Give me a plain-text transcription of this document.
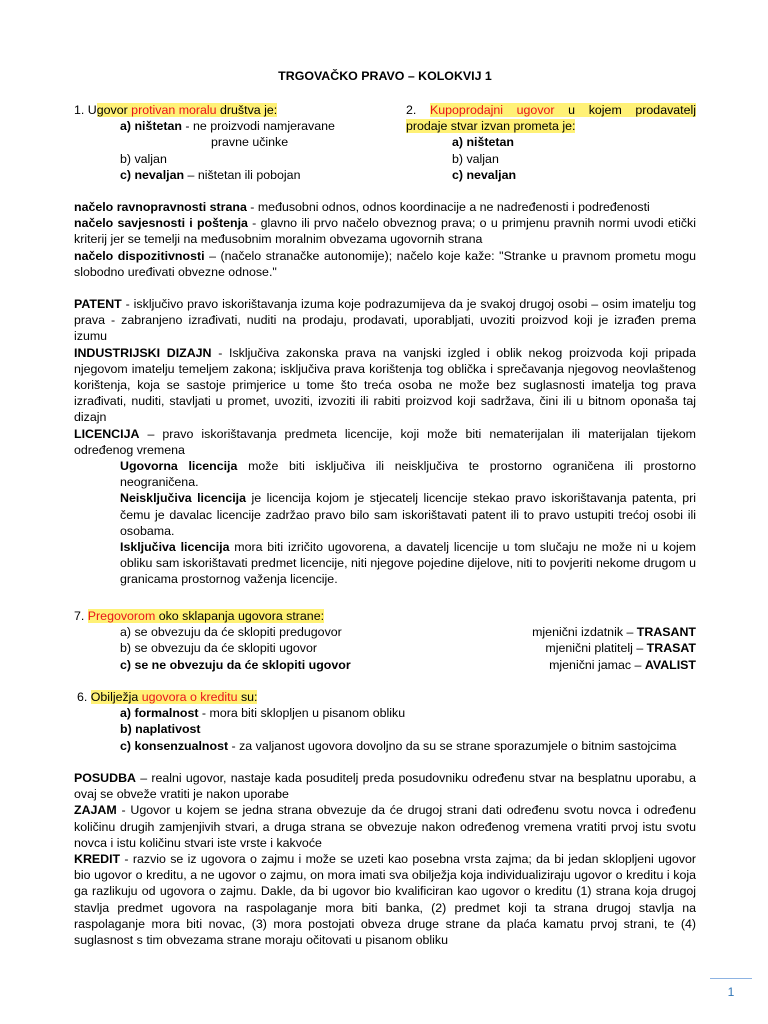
TRGOVAČKO PRAVO – KOLOKVIJ 1
1. Ugovor protivan moralu društva je:
a) ništetan - ne proizvodi namjeravane
pravne učinke
b) valjan
c) nevaljan – ništetan ili pobojan
2. Kupoprodajni ugovor u kojem prodavatelj
prodaje stvar izvan prometa je:
a) ništetan
b) valjan
c) nevaljan
načelo ravnopravnosti strana - međusobni odnos, odnos koordinacije a ne nadređenosti i podređenosti
načelo savjesnosti i poštenja - glavno ili prvo načelo obveznog prava; o u primjenu pravnih normi uvodi etički kriterij jer se temelji na međusobnim moralnim obvezama ugovornih strana
načelo dispozitivnosti – (načelo stranačke autonomije); načelo koje kaže: "Stranke u pravnom prometu mogu slobodno uređivati obvezne odnose."
PATENT - isključivo pravo iskorištavanja izuma koje podrazumijeva da je svakoj drugoj osobi – osim imatelju tog prava - zabranjeno izrađivati, nuditi na prodaju, prodavati, uporabljati, uvoziti proizvod koji je izrađen prema izumu
INDUSTRIJSKI DIZAJN - Isključiva zakonska prava na vanjski izgled i oblik nekog proizvoda koji pripada njegovom imatelju temeljem zakona; isključiva prava korištenja tog oblička i sprečavanja njegovog neovlaštenog korištenja, koja se sastoje primjerice u tome što treća osoba ne može bez suglasnosti imatelja tog prava izrađivati, nuditi, stavljati u promet, uvoziti, izvoziti ili rabiti proizvod koji sadržava, čini ili u bitnom oponaša taj dizajn
LICENCIJA – pravo iskorištavanja predmeta licencije, koji može biti nematerijalan ili materijalan tijekom određenog vremena
Ugovorna licencija može biti isključiva ili neisključiva te prostorno ograničena ili prostorno neograničena.
Neisključiva licencija je licencija kojom je stjecatelj licencije stekao pravo iskorištavanja patenta, pri čemu je davalac licencije zadržao pravo bilo sam iskorištavati patent ili to pravo ustupiti trećoj osobi ili osobama.
Isključiva licencija mora biti izričito ugovorena, a davatelj licencije u tom slučaju ne može ni u kojem obliku sam iskorištavati predmet licencije, niti njegove pojedine dijelove, niti to povjeriti nekome drugom u granicama prostornog važenja licencije.
7. Pregovorom oko sklapanja ugovora strane:
a) se obvezuju da će sklopiti predugovor	mjenični izdatnik – TRASANT
b) se obvezuju da će sklopiti ugovor	mjenični platitelj – TRASAT
c) se ne obvezuju da će sklopiti ugovor	mjenični jamac – AVALIST
6. Obilježja ugovora o kreditu su:
a) formalnost - mora biti sklopljen u pisanom obliku
b) naplativost
c) konsenzualnost - za valjanost ugovora dovoljno da su se strane sporazumjele o bitnim sastojcima
POSUDBA – realni ugovor, nastaje kada posuditelj preda posudovniku određenu stvar na besplatnu uporabu, a ovaj se obveže vratiti je nakon uporabe
ZAJAM - Ugovor u kojem se jedna strana obvezuje da će drugoj strani dati određenu svotu novca i određenu količinu drugih zamjenjivih stvari, a druga strana se obvezuje nakon određenog vremena vratiti prvoj istu svotu novca i istu količinu stvari iste vrste i kakvoće
KREDIT - razvio se iz ugovora o zajmu i može se uzeti kao posebna vrsta zajma; da bi jedan sklopljeni ugovor bio ugovor o kreditu, a ne ugovor o zajmu, on mora imati sva obilježja koja individualiziraju ugovor o kreditu i koja ga razlikuju od ugovora o zajmu. Dakle, da bi ugovor bio kvalificiran kao ugovor o kreditu (1) strana koja drugoj stavlja predmet ugovora na raspolaganje mora biti banka, (2) predmet koji ta strana drugoj stavlja na raspolaganje mora biti novac, (3) mora postojati obveza druge strane da plaća kamatu prvoj strani, te (4) suglasnost s tim obvezama strane moraju očitovati u pisanom obliku
1
